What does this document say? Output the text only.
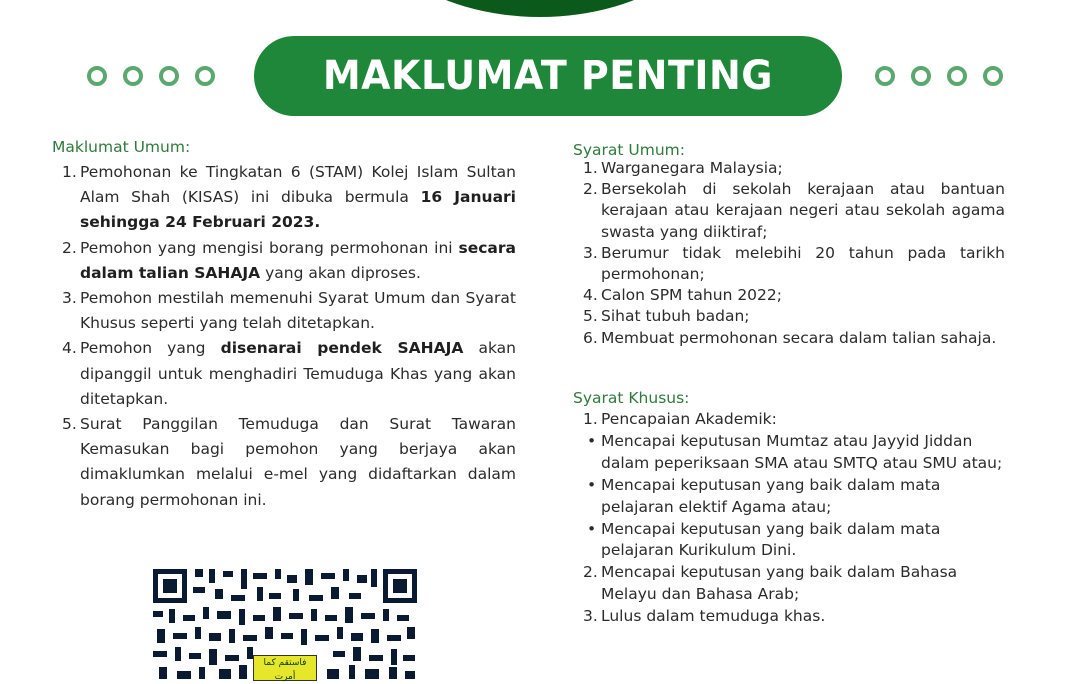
MAKLUMAT PENTING
Maklumat Umum:
1. Pemohonan ke Tingkatan 6 (STAM) Kolej Islam Sultan Alam Shah (KISAS) ini dibuka bermula 16 Januari sehingga 24 Februari 2023.
2. Pemohon yang mengisi borang permohonan ini secara dalam talian SAHAJA yang akan diproses.
3. Pemohon mestilah memenuhi Syarat Umum dan Syarat Khusus seperti yang telah ditetapkan.
4. Pemohon yang disenarai pendek SAHAJA akan dipanggil untuk menghadiri Temuduga Khas yang akan ditetapkan.
5. Surat Panggilan Temuduga dan Surat Tawaran Kemasukan bagi pemohon yang berjaya akan dimaklumkan melalui e-mel yang didaftarkan dalam borang permohonan ini.
Syarat Umum:
1. Warganegara Malaysia;
2. Bersekolah di sekolah kerajaan atau bantuan kerajaan atau kerajaan negeri atau sekolah agama swasta yang diiktiraf;
3. Berumur tidak melebihi 20 tahun pada tarikh permohonan;
4. Calon SPM tahun 2022;
5. Sihat tubuh badan;
6. Membuat permohonan secara dalam talian sahaja.
Syarat Khusus:
1. Pencapaian Akademik:
• Mencapai keputusan Mumtaz atau Jayyid Jiddan dalam peperiksaan SMA atau SMTQ atau SMU atau;
• Mencapai keputusan yang baik dalam mata pelajaran elektif Agama atau;
• Mencapai keputusan yang baik dalam mata pelajaran Kurikulum Dini.
2. Mencapai keputusan yang baik dalam Bahasa Melayu dan Bahasa Arab;
3. Lulus dalam temuduga khas.
فاستقم كما أمرت
